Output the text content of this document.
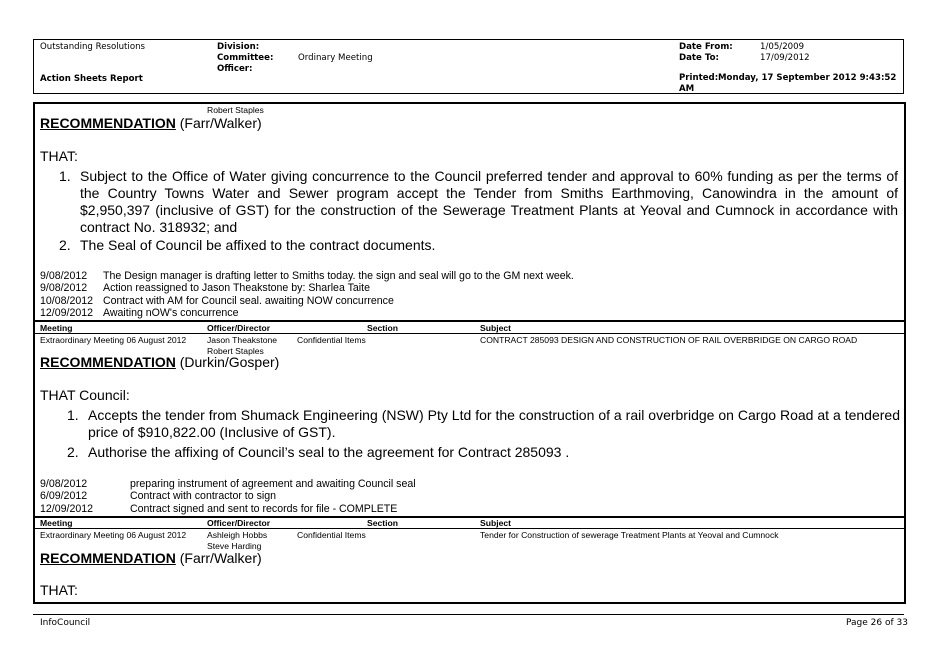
Outstanding Resolutions
Action Sheets Report
Division:
Committee:	Ordinary Meeting
Officer:
Date From:	1/05/2009
Date To:	17/09/2012
Printed: Monday, 17 September 2012 9:43:52
AM
Robert Staples
RECOMMENDATION (Farr/Walker)
THAT:
1. Subject to the Office of Water giving concurrence to the Council preferred tender and approval to 60% funding as per the terms of the Country Towns Water and Sewer program accept the Tender from Smiths Earthmoving, Canowindra in the amount of $2,950,397 (inclusive of GST) for the construction of the Sewerage Treatment Plants at Yeoval and Cumnock in accordance with contract No. 318932; and
2. The Seal of Council be affixed to the contract documents.
9/08/2012 The Design manager is drafting letter to Smiths today. the sign and seal will go to the GM next week.
9/08/2012 Action reassigned to Jason Theakstone by: Sharlea Taite
10/08/2012 Contract with AM for Council seal. awaiting NOW concurrence
12/09/2012 Awaiting nOW's concurrence
Meeting	Officer/Director	Section	Subject
Extraordinary Meeting 06 August 2012 Jason Theakstone
Robert Staples
Confidential Items	CONTRACT 285093 DESIGN AND CONSTRUCTION OF RAIL OVERBRIDGE ON CARGO ROAD
RECOMMENDATION (Durkin/Gosper)
THAT Council:
1. Accepts the tender from Shumack Engineering (NSW) Pty Ltd for the construction of a rail overbridge on Cargo Road at a tendered price of $910,822.00 (Inclusive of GST).
2. Authorise the affixing of Council’s seal to the agreement for Contract 285093 .
9/08/2012	preparing instrument of agreement and awaiting Council seal
6/09/2012	Contract with contractor to sign
12/09/2012	Contract signed and sent to records for file - COMPLETE
Meeting	Officer/Director	Section	Subject
Extraordinary Meeting 06 August 2012 Ashleigh Hobbs
Steve Harding
Confidential Items	Tender for Construction of sewerage Treatment Plants at Yeoval and Cumnock
RECOMMENDATION (Farr/Walker)
THAT:
InfoCouncil	Page 26 of 33
